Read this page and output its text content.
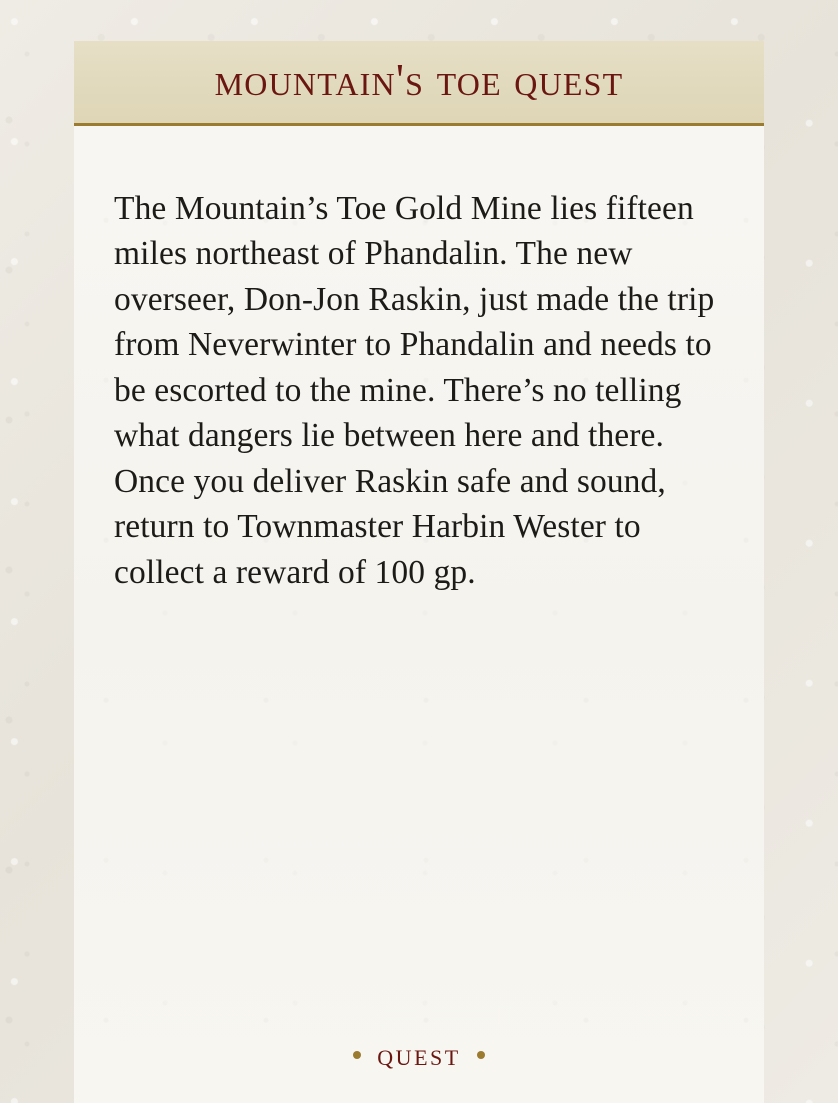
mountain's toe quest

The Mountain’s Toe Gold Mine lies fifteen miles northeast of Phandalin. The new overseer, Don-Jon Raskin, just made the trip from Neverwinter to Phandalin and needs to be escorted to the mine. There’s no telling what dangers lie between here and there. Once you deliver Raskin safe and sound, return to Townmaster Harbin Wester to collect a reward of 100 gp.

quest
